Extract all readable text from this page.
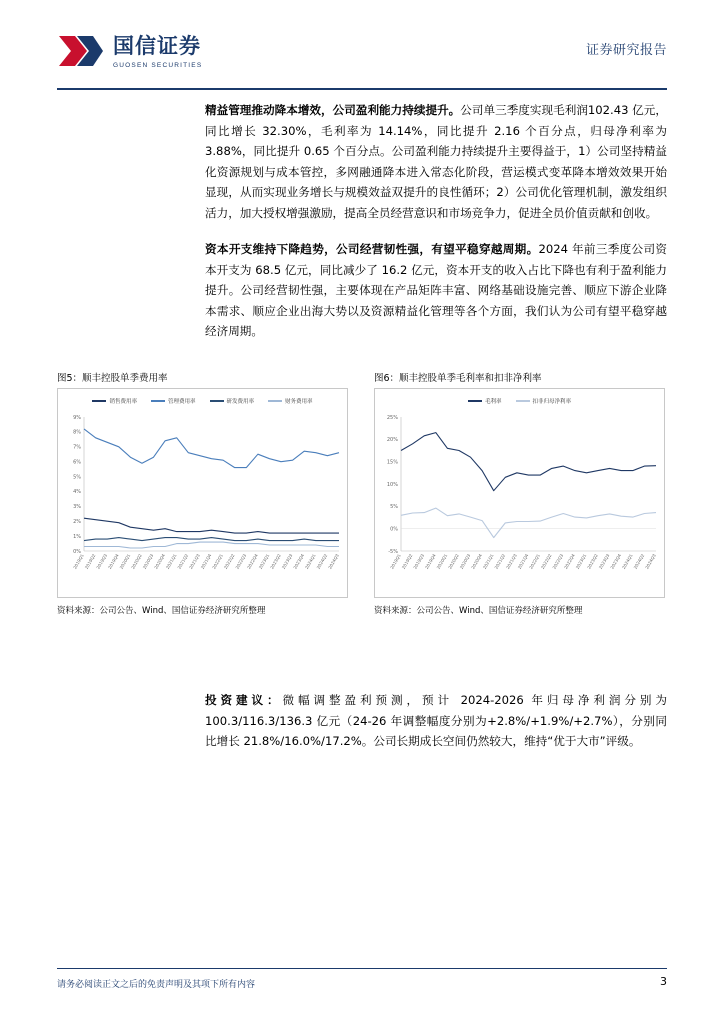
国信证券
GUOSEN SECURITIES
证券研究报告

精益管理推动降本增效，公司盈利能力持续提升。公司单三季度实现毛利润102.43 亿元，同比增长 32.30%，毛利率为 14.14%，同比提升 2.16 个百分点，归母净利率为 3.88%，同比提升 0.65 个百分点。公司盈利能力持续提升主要得益于，1）公司坚持精益化资源规划与成本管控，多网融通降本进入常态化阶段，营运模式变革降本增效效果开始显现，从而实现业务增长与规模效益双提升的良性循环；2）公司优化管理机制，激发组织活力，加大授权增强激励，提高全员经营意识和市场竞争力，促进全员价值贡献和创收。

资本开支维持下降趋势，公司经营韧性强，有望平稳穿越周期。2024 年前三季度公司资本开支为 68.5 亿元，同比减少了 16.2 亿元，资本开支的收入占比下降也有利于盈利能力提升。公司经营韧性强，主要体现在产品矩阵丰富、网络基础设施完善、顺应下游企业降本需求、顺应企业出海大势以及资源精益化管理等各个方面，我们认为公司有望平稳穿越经济周期。

图5：顺丰控股单季费用率
销售费用率	管理费用率	研发费用率	财务费用率
0%
1%
2%
3%
4%
5%
6%
7%
8%
9%
2019Q1
2019Q2
2019Q3
2019Q4
2020Q1
2020Q2
2020Q3
2020Q4
2021Q1
2021Q2
2021Q3
2021Q4
2022Q1
2022Q2
2022Q3
2022Q4
2023Q1
2023Q2
2023Q3
2023Q4
2024Q1
2024Q2
2024Q3
资料来源：公司公告、Wind、国信证券经济研究所整理
图6：顺丰控股单季毛利率和扣非净利率
毛利率	扣非归母净利率
-5%
0%
5%
10%
15%
20%
25%
2019Q1
2019Q2
2019Q3
2019Q4
2020Q1
2020Q2
2020Q3
2020Q4
2021Q1
2021Q2
2021Q3
2021Q4
2022Q1
2022Q2
2022Q3
2022Q4
2023Q1
2023Q2
2023Q3
2023Q4
2024Q1
2024Q2
2024Q3
资料来源：公司公告、Wind、国信证券经济研究所整理

投资建议：微幅调整盈利预测，预计 2024-2026 年归母净利润分别为 100.3/116.3/136.3 亿元（24-26 年调整幅度分别为+2.8%/+1.9%/+2.7%），分别同比增长 21.8%/16.0%/17.2%。公司长期成长空间仍然较大，维持“优于大市”评级。

请务必阅读正文之后的免责声明及其项下所有内容	3
